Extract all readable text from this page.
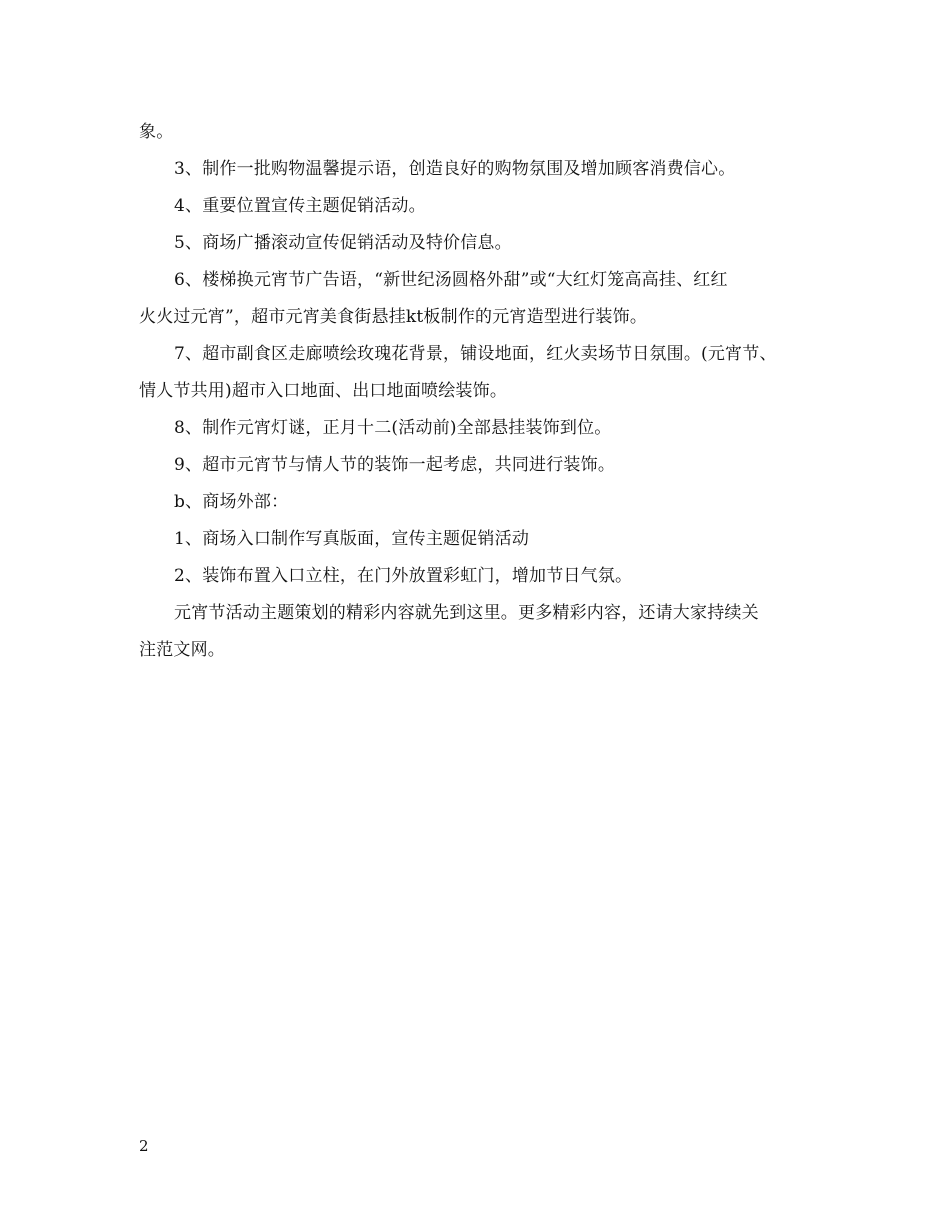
象。
3、制作一批购物温馨提示语，创造良好的购物氛围及增加顾客消费信心。
4、重要位置宣传主题促销活动。
5、商场广播滚动宣传促销活动及特价信息。
6、楼梯换元宵节广告语，“新世纪汤圆格外甜”或“大红灯笼高高挂、红红
火火过元宵”，超市元宵美食街悬挂kt板制作的元宵造型进行装饰。
7、超市副食区走廊喷绘玫瑰花背景，铺设地面，红火卖场节日氛围。(元宵节、
情人节共用)超市入口地面、出口地面喷绘装饰。
8、制作元宵灯谜，正月十二(活动前)全部悬挂装饰到位。
9、超市元宵节与情人节的装饰一起考虑，共同进行装饰。
b、商场外部：
1、商场入口制作写真版面，宣传主题促销活动
2、装饰布置入口立柱，在门外放置彩虹门，增加节日气氛。
元宵节活动主题策划的精彩内容就先到这里。更多精彩内容，还请大家持续关
注范文网。
2
